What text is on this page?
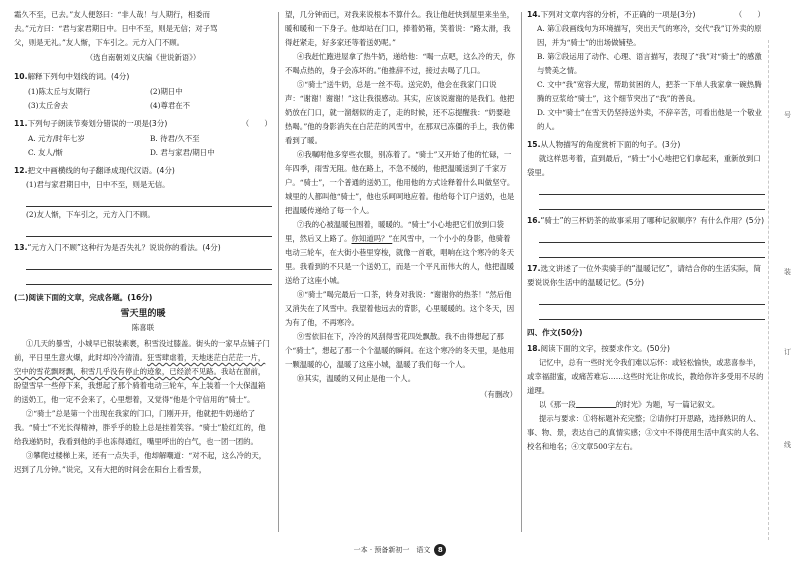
霜久不至，已去。”友人便怒曰：“非人哉！与人期行，相委而

去。”元方曰：“君与家君期日中。日中不至，则是无信；对子骂

父，则是无礼。”友人惭，下车引之。元方入门不顾。

（选自南朝刘义庆编《世说新语》）

10.解释下列句中划线的词。(4分)
(1)陈太丘与友期行	(2)期日中
(3)太丘舍去	(4)尊君在不
11.下列句子朗读节奏划分错误的一项是(3分)	（　　）
A. 元方/时年七岁	B. 待君/久不至
C. 友人/惭	D. 君与家君/期日中
12.把文中画横线的句子翻译成现代汉语。(4分)

(1)君与家君期日中，日中不至，则是无信。

(2)友人惭，下车引之，元方入门不顾。

13.“元方入门不顾”这种行为是否失礼？说说你的看法。(4分)
(二)阅读下面的文章，完成各题。(16分)
雪天里的暖
陈喜联

①几天的暴雪，小城早已银装素裹，积雪没过膝盖。街头的一家早点铺子门前，平日里生意火爆，此时却冷冷清清。狂雪肆虐着，天地迷茫白茫茫一片，空中的雪花飘呀飘，积雪几乎没有停止的迹象，已经淤不见路。我站在窗前，盼望雪早一些停下来，我想起了那个骑着电动三轮车，车上装着一个大保温箱的送奶工，他一定不会来了，心里想着，又觉得“他是个守信用的”骑士”。

②“骑士”总是第一个出现在我家的门口，门刚开开，他就把牛奶递给了我。“骑士”不光长得精神，胖乎乎的脸上总是挂着笑容。“骑士”脸红红的，他给我递奶时，我看到他的手也冻得通红，嘴里呼出的白气，也一团一团的。

③攀爬过楼梯上来，还有一点失手，他却解嘲道：“对不起，这么冷的天，迟到了几分钟。”说完，又有大把的时间会在阳台上看雪景，

望，几分钟而已，对我来说根本不算什么。我让他赶快到屋里来坐坐，暖和暖和一下身子。他却站在门口，捧着奶箱，笑着说：“路太滑，我得赶紧走，好多家还等着送奶呢。”

④我赶忙跑进屋拿了热牛奶，递给他：“喝一点吧，这么冷的天，你不喝点热的，身子会冻坏的。”他推辞不过，接过去喝了几口。

⑤“骑士”送牛奶，总是一丝不苟。送完奶，他会在我家门口说声：“谢谢！谢谢！”这让我很感动。其实，应该说谢谢的是我们。他把奶放在门口，就一溜烟似的走了，走的时候，还不忘提醒我：“奶要趁热喝。”他的身影消失在白茫茫的风雪中，在那双已冻僵的手上，我仿佛看到了暖。

⑥我嘱咐他多穿些衣服，别冻着了。“骑士”又开始了他的忙碌，一年四季，雨雪无阻。他在路上，不急不缓的，他把温暖送到了千家万户。“骑士”，一个普通的送奶工，他用他的方式诠释着什么叫做坚守。城里的人都叫他“骑士”，他也乐呵呵地应着。他给每个订户送奶，也是把温暖传递给了每一个人。

⑦我的心被温暖包围着，暖暖的。“骑士”小心地把它们放到口袋里，然后又上路了。你知道吗？”在风雪中，一个小小的身影，他骑着电动三轮车，在大街小巷里穿梭，就像一首歌，唱响在这个寒冷的冬天里。我看到的不只是一个送奶工，而是一个平凡而伟大的人，他把温暖送给了这座小城。

⑧“骑士”喝完最后一口茶，转身对我说：“谢谢你的热茶！”然后他又消失在了风雪中。我望着他远去的背影，心里暖暖的。这个冬天，因为有了他，不再寒冷。

⑨雪依旧在下，冷冷的风刮得雪花四处飘散。我不由得想起了那个“骑士”，想起了那一个个温暖的瞬间。在这个寒冷的冬天里，是他用一颗温暖的心，温暖了这座小城，温暖了我们每一个人。

⑩其实，温暖的又何止是他一个人。

（有删改）

14.下列对文章内容的分析，不正确的一项是(3分)	（　　）

A. 第①段画线句为环境描写，突出天气的寒冷，交代“我”订外卖的原因，并为“骑士”的出场做铺垫。

B. 第②段运用了动作、心理、语言描写，表现了“我”对“骑士”的感激与赞美之情。

C. 文中“我”宽容大度，帮助贫困的人，把茶一下单人我家拿一碗热腾腾的豆浆给“骑士”，这个细节突出了“我”的善良。

D. 文中“骑士”在雪天仍坚持送外卖，不辞辛苦，可看出他是一个敬业的人。

15.从人物描写的角度赏析下面的句子。(3分)

就这样思考着，直到最后，“骑士”小心地把它们拿起来，重新放到口袋里。

16.“骑士”的三杯奶茶的故事采用了哪种记叙顺序？有什么作用？(5分)
17.选文讲述了一位外卖骑手的“温暖记忆”，请结合你的生活实际，简要说说你生活中的温暖记忆。(5分)
四、作文(50分)
18.阅读下面的文字，按要求作文。(50分)

记忆中，总有一些时光令我们难以忘怀：或轻松愉快，或悲喜参半，或幸福甜蜜，或痛苦难忘……这些时光让你成长，教给你许多受用不尽的道理。

以《那一段	的时光》为题，写一篇记叙文。

提示与要求：①将标题补充完整；②请你打开思路，选择熟识的人、事、物、景，表达自己的真情实感；③文中不得使用生活中真实的人名、校名和地名；④文章500字左右。

号
装
订
线
一本 · 预备新初一　语文 8
